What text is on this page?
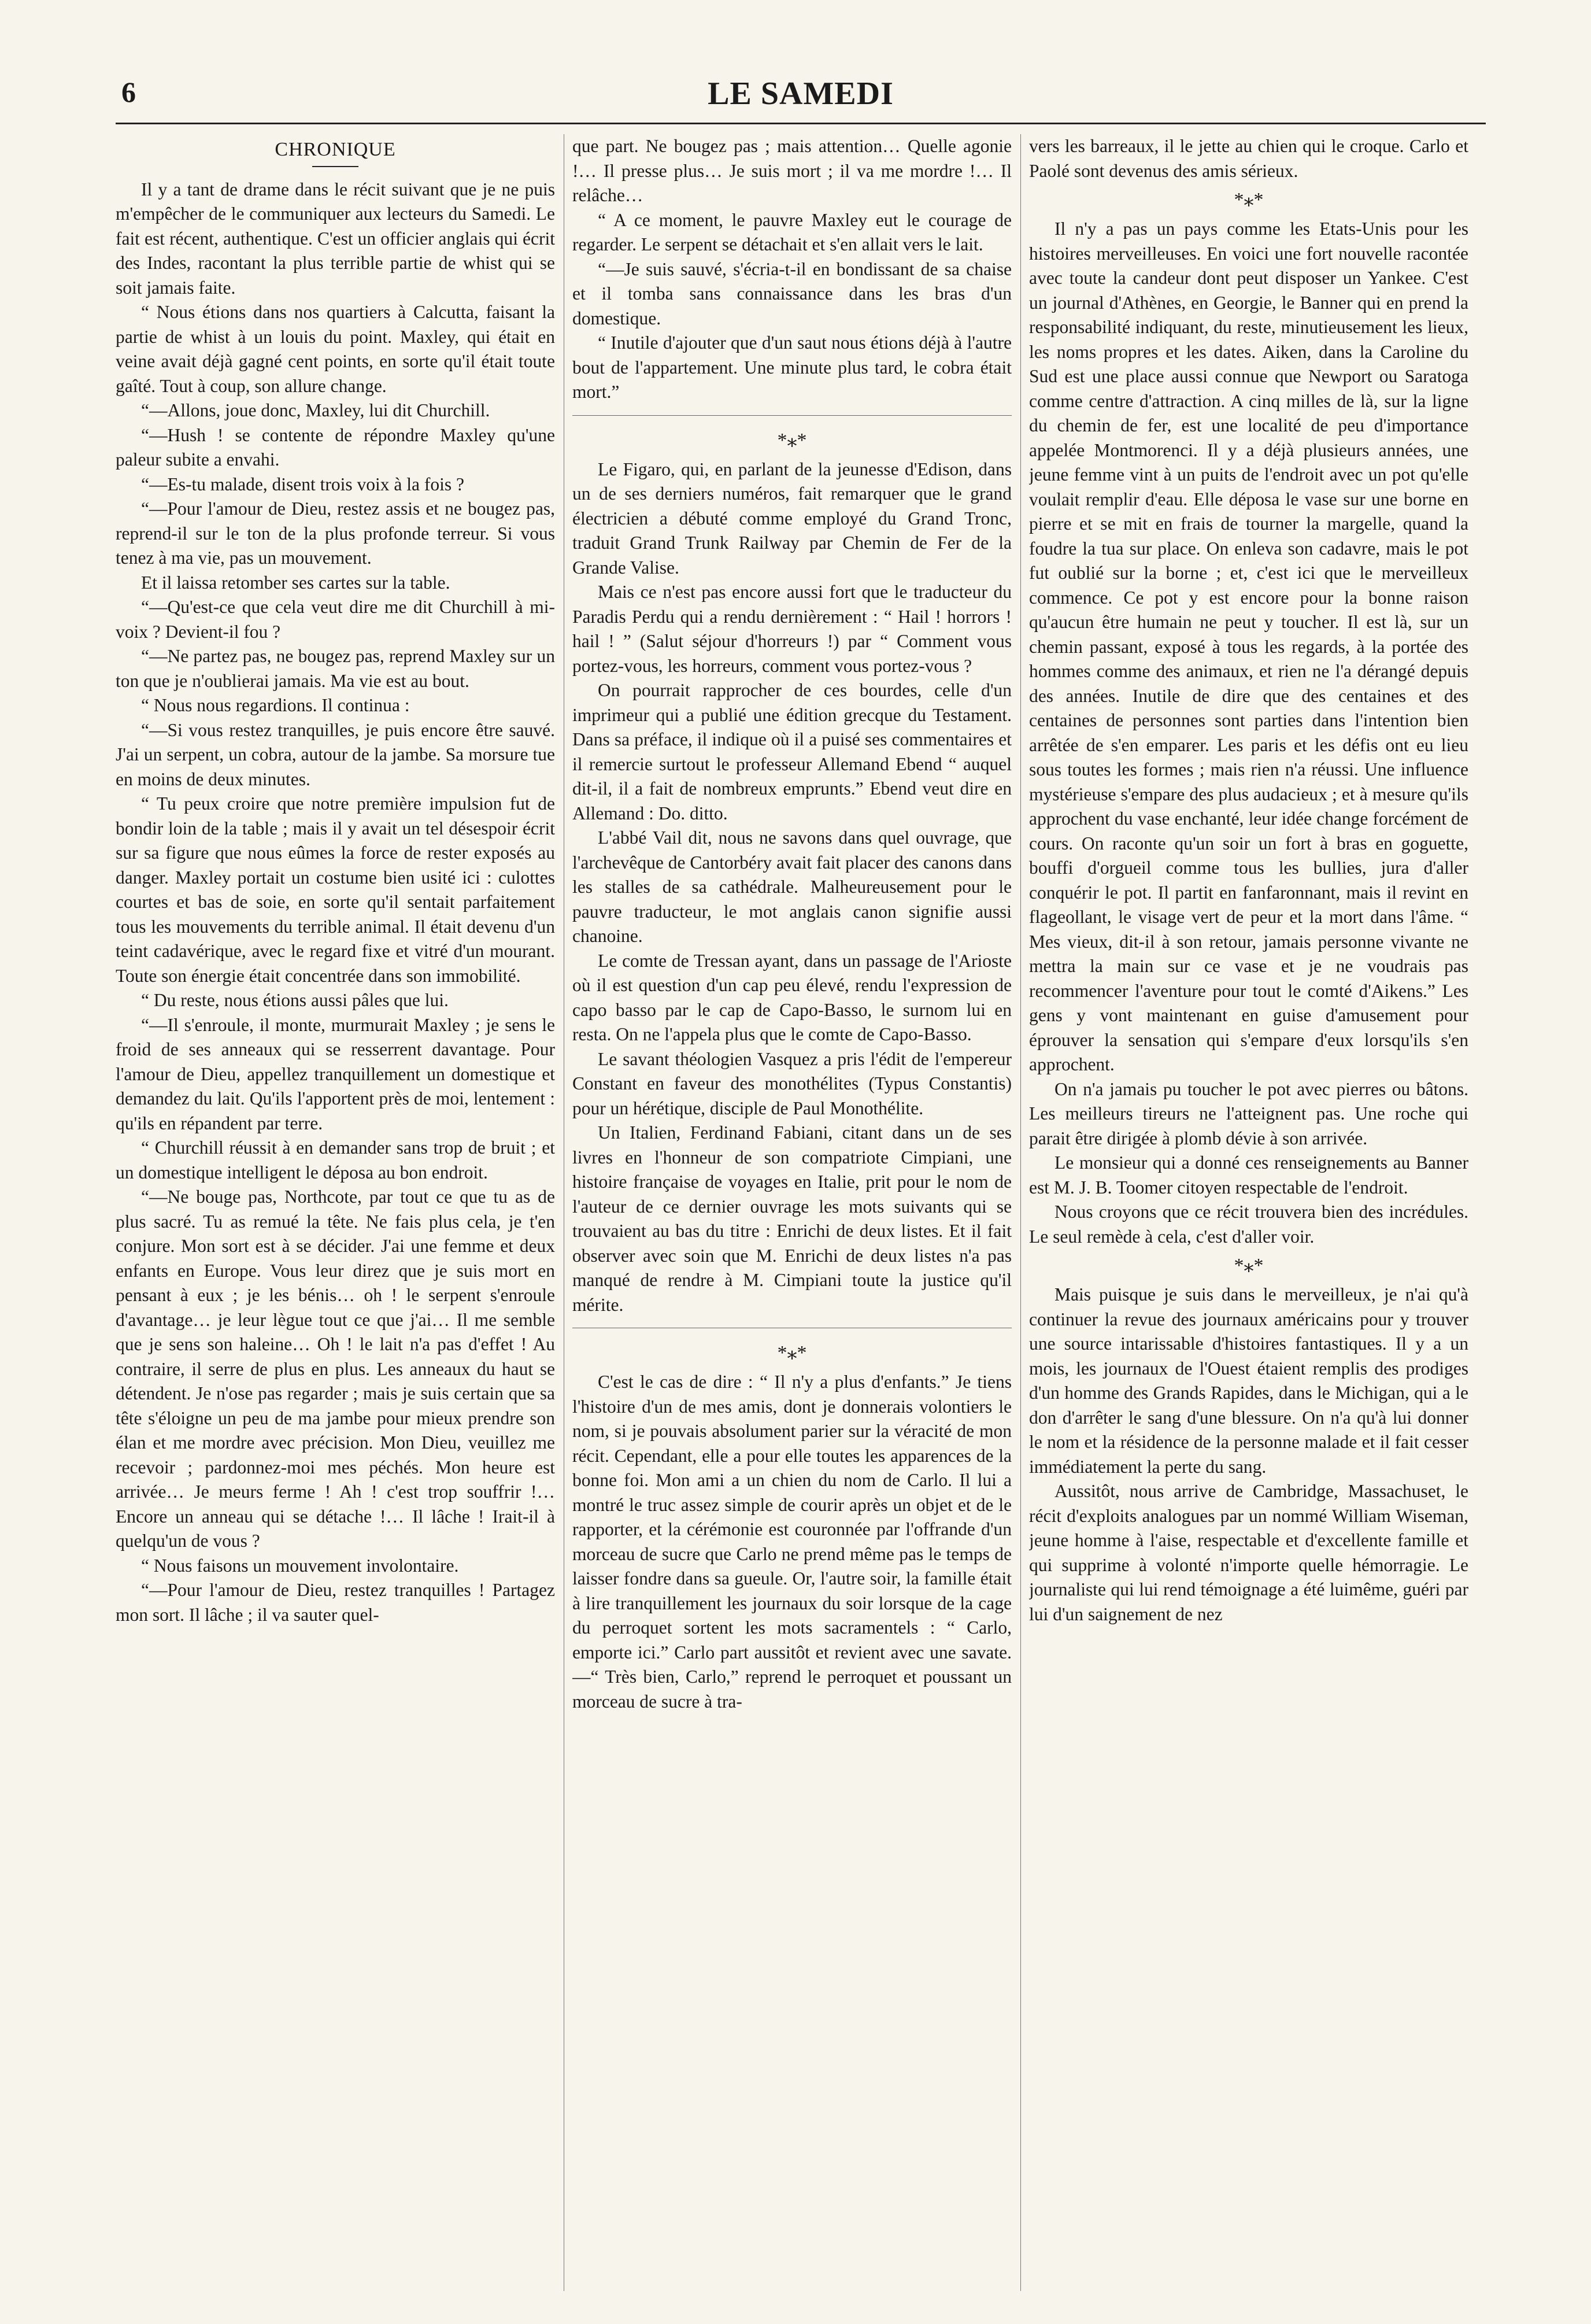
6	LE SAMEDI
CHRONIQUE

Il y a tant de drame dans le récit suivant que je ne puis m'empêcher de le communiquer aux lecteurs du Samedi. Le fait est récent, authentique. C'est un officier anglais qui écrit des Indes, racontant la plus terrible partie de whist qui se soit jamais faite.

“ Nous étions dans nos quartiers à Calcutta, faisant la partie de whist à un louis du point. Maxley, qui était en veine avait déjà gagné cent points, en sorte qu'il était toute gaîté. Tout à coup, son allure change.

“—Allons, joue donc, Maxley, lui dit Churchill.

“—Hush ! se contente de répondre Maxley qu'une paleur subite a envahi.

“—Es-tu malade, disent trois voix à la fois ?

“—Pour l'amour de Dieu, restez assis et ne bougez pas, reprend-il sur le ton de la plus profonde terreur. Si vous tenez à ma vie, pas un mouvement.

Et il laissa retomber ses cartes sur la table.

“—Qu'est-ce que cela veut dire me dit Churchill à mi-voix ? Devient-il fou ?

“—Ne partez pas, ne bougez pas, reprend Maxley sur un ton que je n'oublierai jamais. Ma vie est au bout.

“ Nous nous regardions. Il continua :

“—Si vous restez tranquilles, je puis encore être sauvé. J'ai un serpent, un cobra, autour de la jambe. Sa morsure tue en moins de deux minutes.

“ Tu peux croire que notre première impulsion fut de bondir loin de la table ; mais il y avait un tel désespoir écrit sur sa figure que nous eûmes la force de rester exposés au danger. Maxley portait un costume bien usité ici : culottes courtes et bas de soie, en sorte qu'il sentait parfaitement tous les mouvements du terrible animal. Il était devenu d'un teint cadavérique, avec le regard fixe et vitré d'un mourant. Toute son énergie était concentrée dans son immobilité.

“ Du reste, nous étions aussi pâles que lui.

“—Il s'enroule, il monte, murmurait Maxley ; je sens le froid de ses anneaux qui se resserrent davantage. Pour l'amour de Dieu, appellez tranquillement un domestique et demandez du lait. Qu'ils l'apportent près de moi, lentement : qu'ils en répandent par terre.

“ Churchill réussit à en demander sans trop de bruit ; et un domestique intelligent le déposa au bon endroit.

“—Ne bouge pas, Northcote, par tout ce que tu as de plus sacré. Tu as remué la tête. Ne fais plus cela, je t'en conjure. Mon sort est à se décider. J'ai une femme et deux enfants en Europe. Vous leur direz que je suis mort en pensant à eux ; je les bénis… oh ! le serpent s'enroule d'avantage… je leur lègue tout ce que j'ai… Il me semble que je sens son haleine… Oh ! le lait n'a pas d'effet ! Au contraire, il serre de plus en plus. Les anneaux du haut se détendent. Je n'ose pas regarder ; mais je suis certain que sa tête s'éloigne un peu de ma jambe pour mieux prendre son élan et me mordre avec précision. Mon Dieu, veuillez me recevoir ; pardonnez-moi mes péchés. Mon heure est arrivée… Je meurs ferme ! Ah ! c'est trop souffrir !… Encore un anneau qui se détache !… Il lâche ! Irait-il à quelqu'un de vous ?

“ Nous faisons un mouvement involontaire.

“—Pour l'amour de Dieu, restez tranquilles ! Partagez mon sort. Il lâche ; il va sauter quel-

que part. Ne bougez pas ; mais attention… Quelle agonie !… Il presse plus… Je suis mort ; il va me mordre !… Il relâche…

“ A ce moment, le pauvre Maxley eut le courage de regarder. Le serpent se détachait et s'en allait vers le lait.

“—Je suis sauvé, s'écria-t-il en bondissant de sa chaise et il tomba sans connaissance dans les bras d'un domestique.

“ Inutile d'ajouter que d'un saut nous étions déjà à l'autre bout de l'appartement. Une minute plus tard, le cobra était mort.”

*⁎*

Le Figaro, qui, en parlant de la jeunesse d'Edison, dans un de ses derniers numéros, fait remarquer que le grand électricien a débuté comme employé du Grand Tronc, traduit Grand Trunk Railway par Chemin de Fer de la Grande Valise.

Mais ce n'est pas encore aussi fort que le traducteur du Paradis Perdu qui a rendu dernièrement : “ Hail ! horrors ! hail ! ” (Salut séjour d'horreurs !) par “ Comment vous portez-vous, les horreurs, comment vous portez-vous ?

On pourrait rapprocher de ces bourdes, celle d'un imprimeur qui a publié une édition grecque du Testament. Dans sa préface, il indique où il a puisé ses commentaires et il remercie surtout le professeur Allemand Ebend “ auquel dit-il, il a fait de nombreux emprunts.” Ebend veut dire en Allemand : Do. ditto.

L'abbé Vail dit, nous ne savons dans quel ouvrage, que l'archevêque de Cantorbéry avait fait placer des canons dans les stalles de sa cathédrale. Malheureusement pour le pauvre traducteur, le mot anglais canon signifie aussi chanoine.

Le comte de Tressan ayant, dans un passage de l'Arioste où il est question d'un cap peu élevé, rendu l'expression de capo basso par le cap de Capo-Basso, le surnom lui en resta. On ne l'appela plus que le comte de Capo-Basso.

Le savant théologien Vasquez a pris l'édit de l'empereur Constant en faveur des monothélites (Typus Constantis) pour un hérétique, disciple de Paul Monothélite.

Un Italien, Ferdinand Fabiani, citant dans un de ses livres en l'honneur de son compatriote Cimpiani, une histoire française de voyages en Italie, prit pour le nom de l'auteur de ce dernier ouvrage les mots suivants qui se trouvaient au bas du titre : Enrichi de deux listes. Et il fait observer avec soin que M. Enrichi de deux listes n'a pas manqué de rendre à M. Cimpiani toute la justice qu'il mérite.

*⁎*

C'est le cas de dire : “ Il n'y a plus d'enfants.” Je tiens l'histoire d'un de mes amis, dont je donnerais volontiers le nom, si je pouvais absolument parier sur la véracité de mon récit. Cependant, elle a pour elle toutes les apparences de la bonne foi. Mon ami a un chien du nom de Carlo. Il lui a montré le truc assez simple de courir après un objet et de le rapporter, et la cérémonie est couronnée par l'offrande d'un morceau de sucre que Carlo ne prend même pas le temps de laisser fondre dans sa gueule. Or, l'autre soir, la famille était à lire tranquillement les journaux du soir lorsque de la cage du perroquet sortent les mots sacramentels : “ Carlo, emporte ici.” Carlo part aussitôt et revient avec une savate.—“ Très bien, Carlo,” reprend le perroquet et poussant un morceau de sucre à tra-

vers les barreaux, il le jette au chien qui le croque. Carlo et Paolé sont devenus des amis sérieux.

*⁎*

Il n'y a pas un pays comme les Etats-Unis pour les histoires merveilleuses. En voici une fort nouvelle racontée avec toute la candeur dont peut disposer un Yankee. C'est un journal d'Athènes, en Georgie, le Banner qui en prend la responsabilité indiquant, du reste, minutieusement les lieux, les noms propres et les dates. Aiken, dans la Caroline du Sud est une place aussi connue que Newport ou Saratoga comme centre d'attraction. A cinq milles de là, sur la ligne du chemin de fer, est une localité de peu d'importance appelée Montmorenci. Il y a déjà plusieurs années, une jeune femme vint à un puits de l'endroit avec un pot qu'elle voulait remplir d'eau. Elle déposa le vase sur une borne en pierre et se mit en frais de tourner la margelle, quand la foudre la tua sur place. On enleva son cadavre, mais le pot fut oublié sur la borne ; et, c'est ici que le merveilleux commence. Ce pot y est encore pour la bonne raison qu'aucun être humain ne peut y toucher. Il est là, sur un chemin passant, exposé à tous les regards, à la portée des hommes comme des animaux, et rien ne l'a dérangé depuis des années. Inutile de dire que des centaines et des centaines de personnes sont parties dans l'intention bien arrêtée de s'en emparer. Les paris et les défis ont eu lieu sous toutes les formes ; mais rien n'a réussi. Une influence mystérieuse s'empare des plus audacieux ; et à mesure qu'ils approchent du vase enchanté, leur idée change forcément de cours. On raconte qu'un soir un fort à bras en goguette, bouffi d'orgueil comme tous les bullies, jura d'aller conquérir le pot. Il partit en fanfaronnant, mais il revint en flageollant, le visage vert de peur et la mort dans l'âme. “ Mes vieux, dit-il à son retour, jamais personne vivante ne mettra la main sur ce vase et je ne voudrais pas recommencer l'aventure pour tout le comté d'Aikens.” Les gens y vont maintenant en guise d'amusement pour éprouver la sensation qui s'empare d'eux lorsqu'ils s'en approchent.

On n'a jamais pu toucher le pot avec pierres ou bâtons. Les meilleurs tireurs ne l'atteignent pas. Une roche qui parait être dirigée à plomb dévie à son arrivée.

Le monsieur qui a donné ces renseignements au Banner est M. J. B. Toomer citoyen respectable de l'endroit.

Nous croyons que ce récit trouvera bien des incrédules. Le seul remède à cela, c'est d'aller voir.

*⁎*

Mais puisque je suis dans le merveilleux, je n'ai qu'à continuer la revue des journaux américains pour y trouver une source intarissable d'histoires fantastiques. Il y a un mois, les journaux de l'Ouest étaient remplis des prodiges d'un homme des Grands Rapides, dans le Michigan, qui a le don d'arrêter le sang d'une blessure. On n'a qu'à lui donner le nom et la résidence de la personne malade et il fait cesser immédiatement la perte du sang.

Aussitôt, nous arrive de Cambridge, Massachuset, le récit d'exploits analogues par un nommé William Wiseman, jeune homme à l'aise, respectable et d'excellente famille et qui supprime à volonté n'importe quelle hémorragie. Le journaliste qui lui rend témoignage a été luimême, guéri par lui d'un saignement de nez
